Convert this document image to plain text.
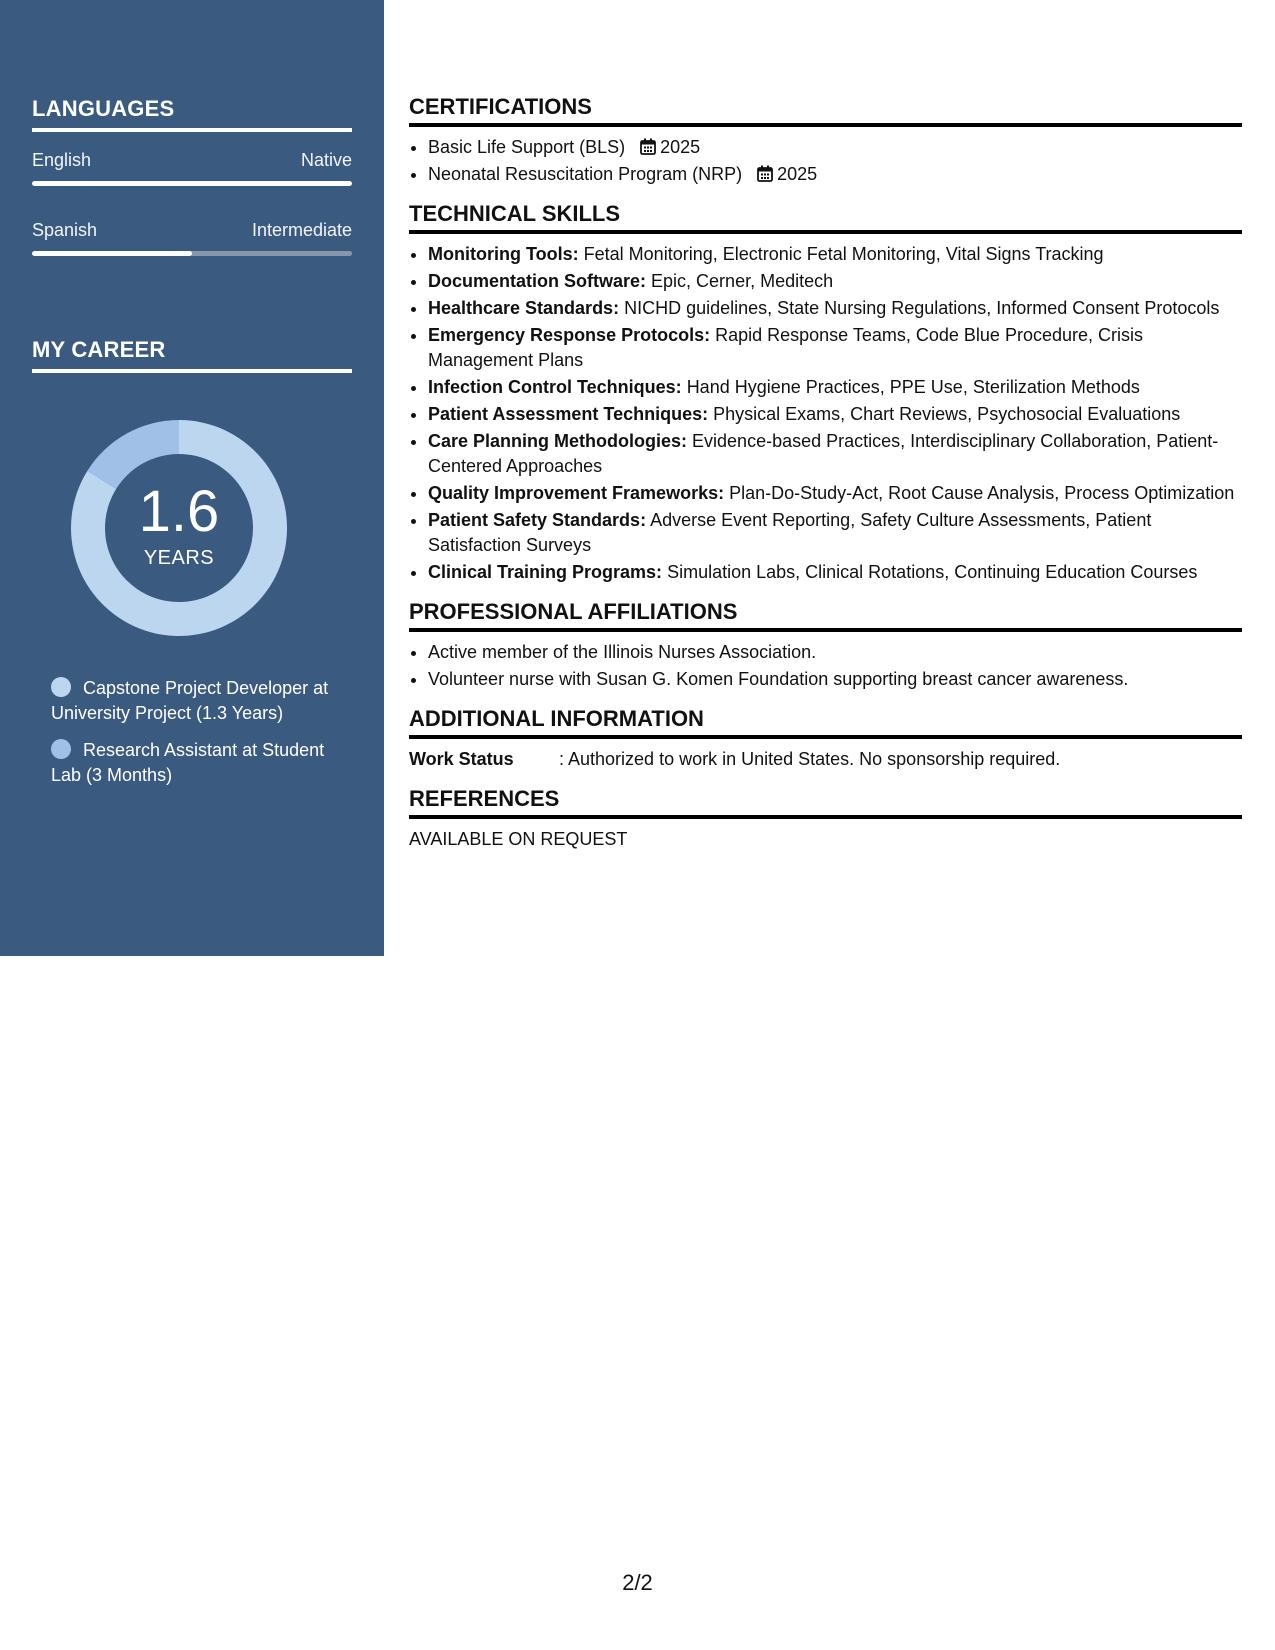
LANGUAGES
English	Native
Spanish	Intermediate
MY CAREER
1.6
YEARS
Capstone Project Developer at University Project (1.3 Years)
Research Assistant at Student Lab (3 Months)
CERTIFICATIONS
• Basic Life Support (BLS) 2025
• Neonatal Resuscitation Program (NRP) 2025
TECHNICAL SKILLS
• Monitoring Tools: Fetal Monitoring, Electronic Fetal Monitoring, Vital Signs Tracking
• Documentation Software: Epic, Cerner, Meditech
• Healthcare Standards: NICHD guidelines, State Nursing Regulations, Informed Consent Protocols
• Emergency Response Protocols: Rapid Response Teams, Code Blue Procedure, Crisis Management Plans
• Infection Control Techniques: Hand Hygiene Practices, PPE Use, Sterilization Methods
• Patient Assessment Techniques: Physical Exams, Chart Reviews, Psychosocial Evaluations
• Care Planning Methodologies: Evidence-based Practices, Interdisciplinary Collaboration, Patient-Centered Approaches
• Quality Improvement Frameworks: Plan-Do-Study-Act, Root Cause Analysis, Process Optimization
• Patient Safety Standards: Adverse Event Reporting, Safety Culture Assessments, Patient Satisfaction Surveys
• Clinical Training Programs: Simulation Labs, Clinical Rotations, Continuing Education Courses
PROFESSIONAL AFFILIATIONS
• Active member of the Illinois Nurses Association.
• Volunteer nurse with Susan G. Komen Foundation supporting breast cancer awareness.
ADDITIONAL INFORMATION
Work Status	: Authorized to work in United States. No sponsorship required.
REFERENCES
AVAILABLE ON REQUEST
2/2
